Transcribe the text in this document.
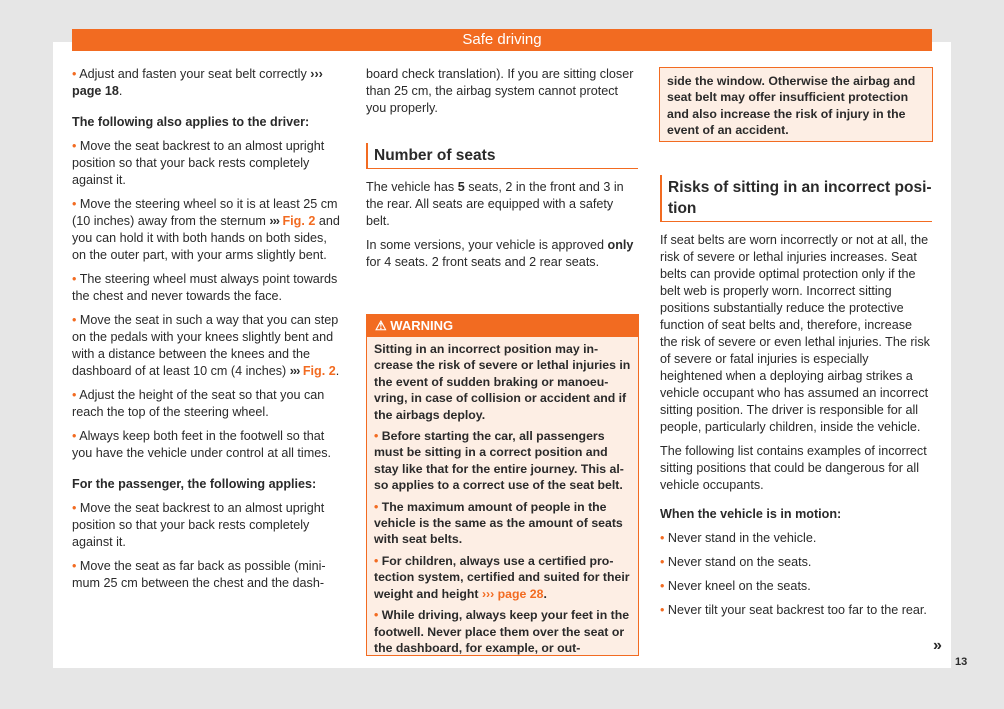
Safe driving

• Adjust and fasten your seat belt correctly ››› page 18.

The following also applies to the driver:

• Move the seat backrest to an almost upright position so that your back rests completely against it.

• Move the steering wheel so it is at least 25 cm (10 inches) away from the sternum ››› Fig. 2 and you can hold it with both hands on both sides, on the outer part, with your arms slightly bent.

• The steering wheel must always point towards the chest and never towards the face.

• Move the seat in such a way that you can step on the pedals with your knees slightly bent and with a distance between the knees and the dashboard of at least 10 cm (4 inches) ››› Fig. 2.

• Adjust the height of the seat so that you can reach the top of the steering wheel.

• Always keep both feet in the footwell so that you have the vehicle under control at all times.

For the passenger, the following applies:

• Move the seat backrest to an almost upright position so that your back rests completely against it.

• Move the seat as far back as possible (minimum 25 cm between the chest and the dash-

board check translation). If you are sitting closer than 25 cm, the airbag system cannot protect you properly.

Number of seats

The vehicle has 5 seats, 2 in the front and 3 in the rear. All seats are equipped with a safety belt.

In some versions, your vehicle is approved only for 4 seats. 2 front seats and 2 rear seats.

⚠ WARNING

Sitting in an incorrect position may increase the risk of severe or lethal injuries in the event of sudden braking or manoeuvring, in case of collision or accident and if the airbags deploy.

• Before starting the car, all passengers must be sitting in a correct position and stay like that for the entire journey. This also applies to a correct use of the seat belt.

• The maximum amount of people in the vehicle is the same as the amount of seats with seat belts.

• For children, always use a certified protection system, certified and suited for their weight and height ››› page 28.

• While driving, always keep your feet in the footwell. Never place them over the seat or the dashboard, for example, or out-

side the window. Otherwise the airbag and seat belt may offer insufficient protection and also increase the risk of injury in the event of an accident.

Risks of sitting in an incorrect position

If seat belts are worn incorrectly or not at all, the risk of severe or lethal injuries increases. Seat belts can provide optimal protection only if the belt web is properly worn. Incorrect sitting positions substantially reduce the protective function of seat belts and, therefore, increase the risk of severe or even lethal injuries. The risk of severe or fatal injuries is especially heightened when a deploying airbag strikes a vehicle occupant who has assumed an incorrect sitting position. The driver is responsible for all people, particularly children, inside the vehicle.

The following list contains examples of incorrect sitting positions that could be dangerous for all vehicle occupants.

When the vehicle is in motion:

• Never stand in the vehicle.

• Never stand on the seats.

• Never kneel on the seats.

• Never tilt your seat backrest too far to the rear.

»
13
